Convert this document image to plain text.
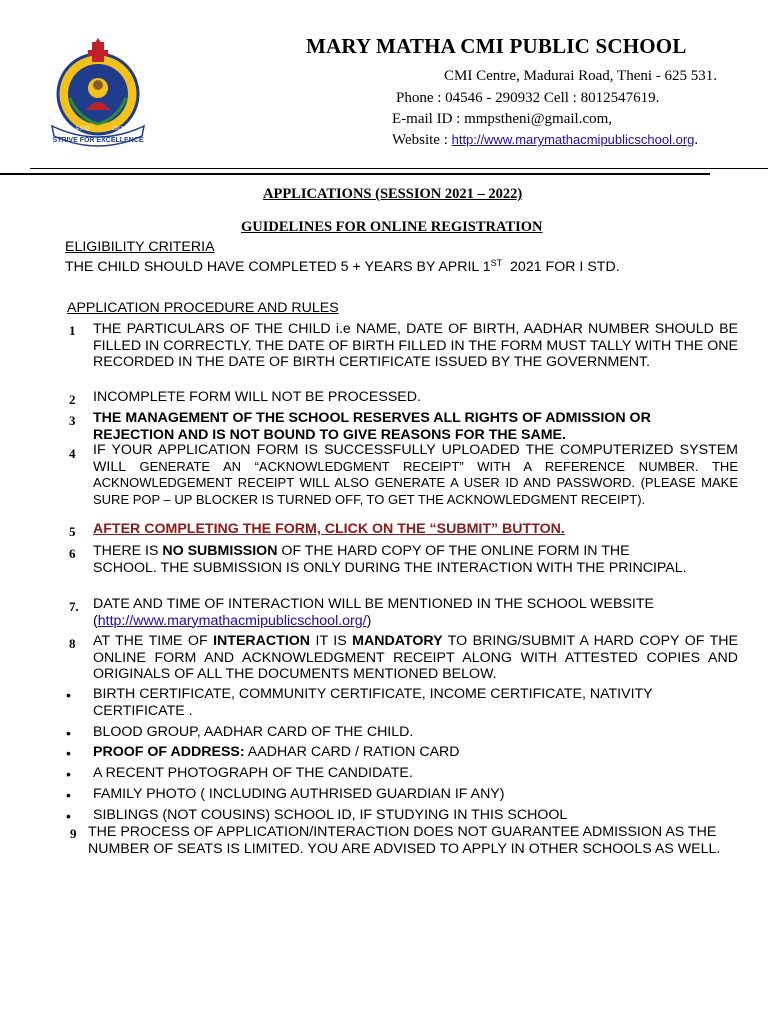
STRIVE FOR EXCELLENCE
ESTD	2013
MARY MATHA CMI PUBLIC SCHOOL
CMI Centre, Madurai Road, Theni - 625 531.
Phone : 04546 - 290932 Cell : 8012547619.
E-mail ID : mmpstheni@gmail.com,
Website : http://www.marymathacmipublicschool.org.
APPLICATIONS (SESSION 2021 – 2022)
GUIDELINES FOR ONLINE REGISTRATION
ELIGIBILITY CRITERIA
THE CHILD SHOULD HAVE COMPLETED 5 + YEARS BY APRIL 1ST  2021 FOR I STD.
APPLICATION PROCEDURE AND RULES
1	THE PARTICULARS OF THE CHILD i.e NAME, DATE OF BIRTH, AADHAR NUMBER SHOULD BE FILLED IN CORRECTLY. THE DATE OF BIRTH FILLED IN THE FORM MUST TALLY WITH THE ONE RECORDED IN THE DATE OF BIRTH CERTIFICATE ISSUED BY THE GOVERNMENT.
2	INCOMPLETE FORM WILL NOT BE PROCESSED.
3	THE MANAGEMENT OF THE SCHOOL RESERVES ALL RIGHTS OF ADMISSION OR REJECTION AND IS NOT BOUND TO GIVE REASONS FOR THE SAME.
4	IF YOUR APPLICATION FORM IS SUCCESSFULLY UPLOADED THE COMPUTERIZED SYSTEM WILL GENERATE AN “ACKNOWLEDGMENT RECEIPT” WITH A REFERENCE NUMBER. THE ACKNOWLEDGEMENT RECEIPT WILL ALSO GENERATE A USER ID AND PASSWORD. (PLEASE MAKE SURE POP – UP BLOCKER IS TURNED OFF, TO GET THE ACKNOWLEDGMENT RECEIPT).
5	AFTER COMPLETING THE FORM, CLICK ON THE “SUBMIT” BUTTON.
6	THERE IS NO SUBMISSION OF THE HARD COPY OF THE ONLINE FORM IN THE SCHOOL. THE SUBMISSION IS ONLY DURING THE INTERACTION WITH THE PRINCIPAL.
7.	DATE AND TIME OF INTERACTION WILL BE MENTIONED IN THE SCHOOL WEBSITE
(http://www.marymathacmipublicschool.org/)
8	AT THE TIME OF INTERACTION IT IS MANDATORY TO BRING/SUBMIT A HARD COPY OF THE ONLINE FORM AND ACKNOWLEDGMENT RECEIPT ALONG WITH ATTESTED COPIES AND ORIGINALS OF ALL THE DOCUMENTS MENTIONED BELOW.
•	BIRTH CERTIFICATE, COMMUNITY CERTIFICATE, INCOME CERTIFICATE, NATIVITY CERTIFICATE .
•	BLOOD GROUP, AADHAR CARD OF THE CHILD.
•	PROOF OF ADDRESS: AADHAR CARD / RATION CARD
•	A RECENT PHOTOGRAPH OF THE CANDIDATE.
•	FAMILY PHOTO ( INCLUDING AUTHRISED GUARDIAN IF ANY)
•	SIBLINGS (NOT COUSINS) SCHOOL ID, IF STUDYING IN THIS SCHOOL
9 THE PROCESS OF APPLICATION/INTERACTION DOES NOT GUARANTEE ADMISSION AS THE NUMBER OF SEATS IS LIMITED. YOU ARE ADVISED TO APPLY IN OTHER SCHOOLS AS WELL.
